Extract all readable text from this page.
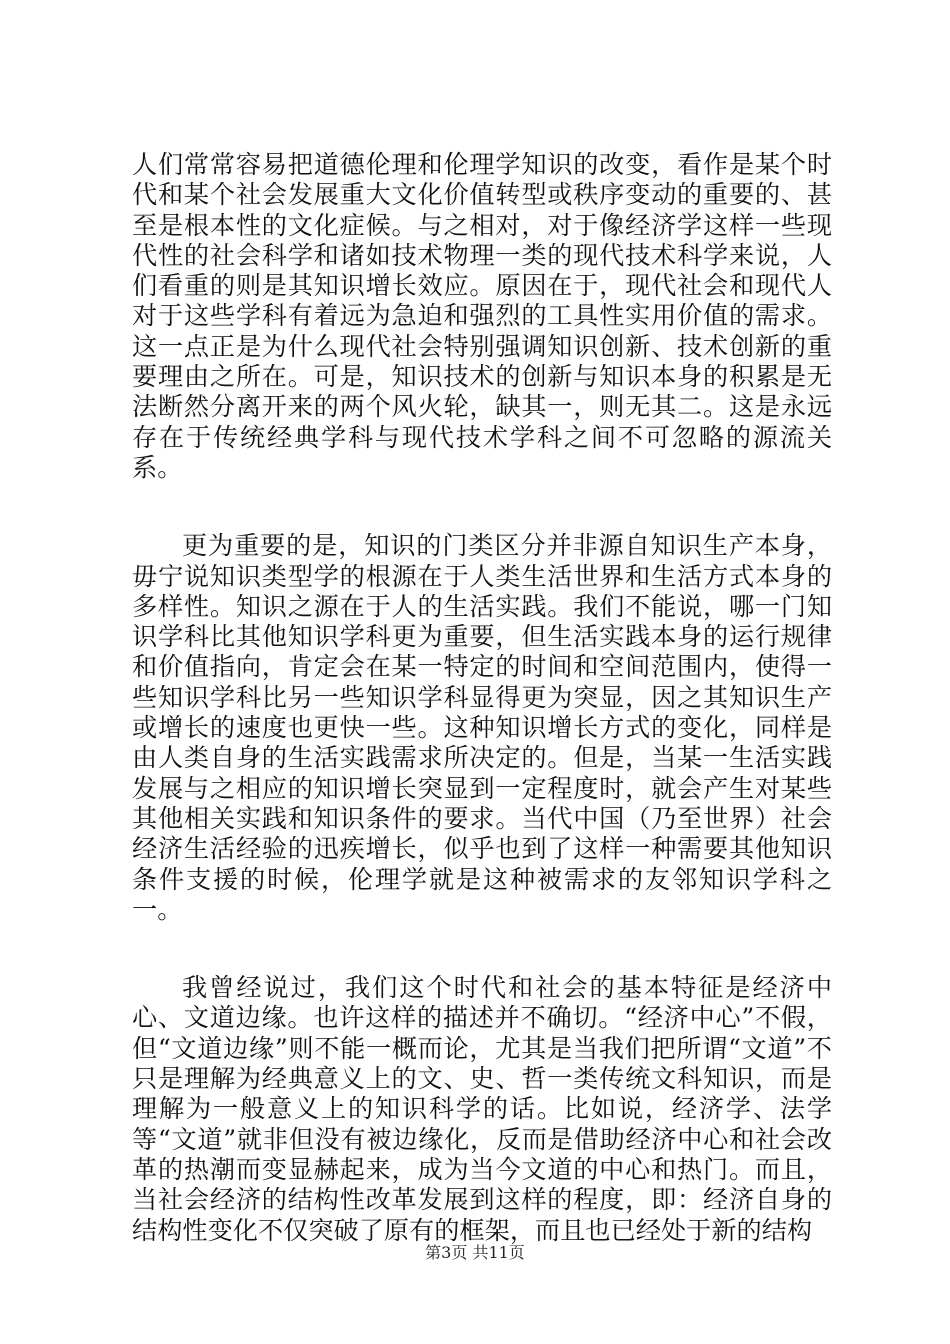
人们常常容易把道德伦理和伦理学知识的改变，看作是某个时代和某个社会发展重大文化价值转型或秩序变动的重要的、甚至是根本性的文化症候。与之相对，对于像经济学这样一些现代性的社会科学和诸如技术物理一类的现代技术科学来说，人们看重的则是其知识增长效应。原因在于，现代社会和现代人对于这些学科有着远为急迫和强烈的工具性实用价值的需求。这一点正是为什么现代社会特别强调知识创新、技术创新的重要理由之所在。可是，知识技术的创新与知识本身的积累是无法断然分离开来的两个风火轮，缺其一，则无其二。这是永远存在于传统经典学科与现代技术学科之间不可忽略的源流关系。

更为重要的是，知识的门类区分并非源自知识生产本身，毋宁说知识类型学的根源在于人类生活世界和生活方式本身的多样性。知识之源在于人的生活实践。我们不能说，哪一门知识学科比其他知识学科更为重要，但生活实践本身的运行规律和价值指向，肯定会在某一特定的时间和空间范围内，使得一些知识学科比另一些知识学科显得更为突显，因之其知识生产或增长的速度也更快一些。这种知识增长方式的变化，同样是由人类自身的生活实践需求所决定的。但是，当某一生活实践发展与之相应的知识增长突显到一定程度时，就会产生对某些其他相关实践和知识条件的要求。当代中国（乃至世界）社会经济生活经验的迅疾增长，似乎也到了这样一种需要其他知识条件支援的时候，伦理学就是这种被需求的友邻知识学科之一。

我曾经说过，我们这个时代和社会的基本特征是经济中心、文道边缘。也许这样的描述并不确切。“经济中心”不假，但“文道边缘”则不能一概而论，尤其是当我们把所谓“文道”不只是理解为经典意义上的文、史、哲一类传统文科知识，而是理解为一般意义上的知识科学的话。比如说，经济学、法学等“文道”就非但没有被边缘化，反而是借助经济中心和社会改革的热潮而变显赫起来，成为当今文道的中心和热门。而且，当社会经济的结构性改革发展到这样的程度，即：经济自身的结构性变化不仅突破了原有的框架，而且也已经处于新的结构

第3页 共11页
